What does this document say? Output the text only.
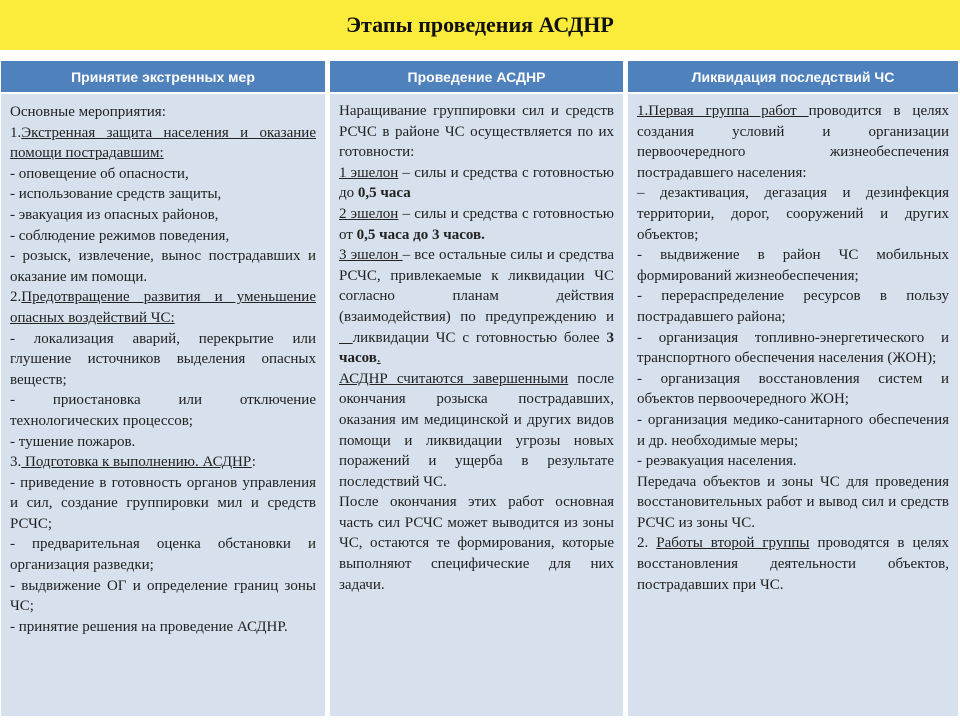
Этапы проведения АСДНР
Принятие экстренных мер

Основные мероприятия:

1.Экстренная защита населения и оказание помощи пострадавшим:

- оповещение об опасности,

- использование средств защиты,

- эвакуация из опасных районов,

- соблюдение режимов поведения,

- розыск, извлечение, вынос пострадавших и оказание им помощи.

2.Предотвращение развития и уменьшение опасных воздействий ЧС:

- локализация аварий, перекрытие или глушение источников выделения опасных веществ;

- приостановка или отключение технологических процессов;

- тушение пожаров.

3. Подготовка к выполнению. АСДНР:

- приведение в готовность органов управления и сил, создание группировки мил и средств РСЧС;

- предварительная оценка обстановки и организация разведки;

- выдвижение ОГ и определение границ зоны ЧС;

- принятие решения на проведение АСДНР.

Проведение АСДНР

Наращивание группировки сил и средств РСЧС в районе ЧС осуществляется по их готовности:

1 эшелон – силы и средства с готовностью до 0,5 часа

2 эшелон – силы и средства с готовностью от 0,5 часа до 3 часов.

3 эшелон – все остальные силы и средства РСЧС, привлекаемые к ликвидации ЧС согласно планам действия (взаимодействия) по предупреждению и  ликвидации ЧС с готовностью более 3 часов.

АСДНР считаются завершенными после окончания розыска пострадавших, оказания им медицинской и других видов помощи и ликвидации угрозы новых поражений и ущерба в результате последствий ЧС.

После окончания этих работ основная часть сил РСЧС может выводится из зоны ЧС, остаются те формирования, которые выполняют специфические для них задачи.

Ликвидация последствий ЧС

1.Первая группа работ проводится в целях создания условий и организации первоочередного жизнеобеспечения пострадавшего населения:

– дезактивация, дегазация и дезинфекция территории, дорог, сооружений и других объектов;

- выдвижение в район ЧС мобильных формирований жизнеобеспечения;

- перераспределение ресурсов в пользу пострадавшего района;

- организация топливно-энергетического и транспортного обеспечения населения (ЖОН);

- организация восстановления систем и объектов первоочередного ЖОН;

- организация медико-санитарного обеспечения и др. необходимые меры;

- реэвакуация населения.

Передача объектов и зоны ЧС для проведения восстановительных работ и вывод сил и средств РСЧС из зоны ЧС.

2. Работы второй группы проводятся в целях восстановления деятельности объектов, пострадавших при ЧС.
